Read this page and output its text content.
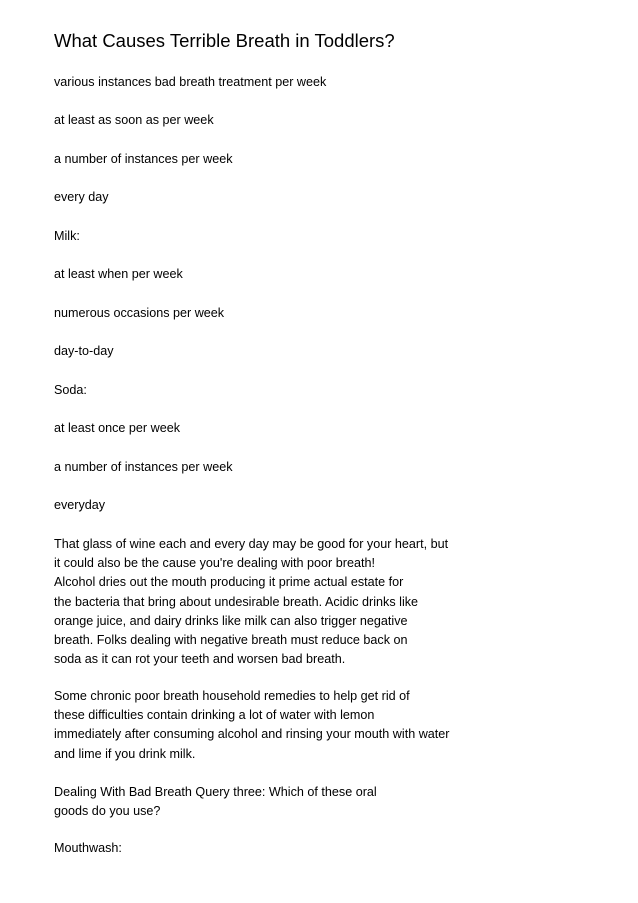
What Causes Terrible Breath in Toddlers?
various instances bad breath treatment per week
at least as soon as per week
a number of instances per week
every day
Milk:
at least when per week
numerous occasions per week
day-to-day
Soda:
at least once per week
a number of instances per week
everyday
That glass of wine each and every day may be good for your heart, but
it could also be the cause you're dealing with poor breath!
Alcohol dries out the mouth producing it prime actual estate for
the bacteria that bring about undesirable breath. Acidic drinks like
orange juice, and dairy drinks like milk can also trigger negative
breath. Folks dealing with negative breath must reduce back on
soda as it can rot your teeth and worsen bad breath.
Some chronic poor breath household remedies to help get rid of
these difficulties contain drinking a lot of water with lemon
immediately after consuming alcohol and rinsing your mouth with water
and lime if you drink milk.
Dealing With Bad Breath Query three: Which of these oral
goods do you use?
Mouthwash:
